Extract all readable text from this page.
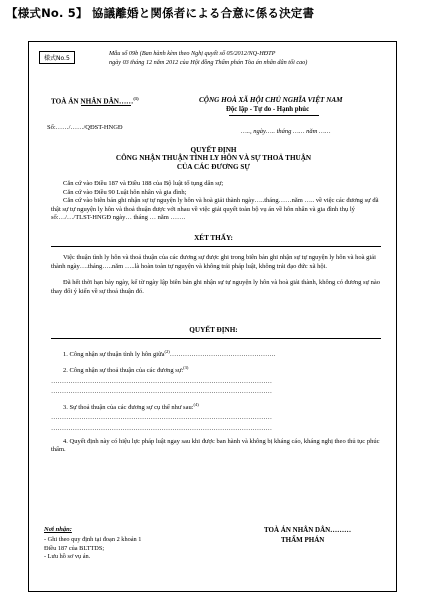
【様式No. 5】 協議離婚と関係者による合意に係る決定書
様式No.5
Mẫu số 09b (Ban hành kèm theo Nghị quyết số 05/2012/NQ-HĐTP
ngày 03 tháng 12 năm 2012 của Hội đồng Thẩm phán Tòa án nhân dân tối cao)
TOÀ ÁN NHÂN DÂN……$^{(1)}$	CỘNG HOÀ XÃ HỘI CHỦ NGHĨA VIỆT NAM
Độc lập - Tự do - Hạnh phúc
Số:……/……/QĐST-HNGĐ
….., ngày….. tháng …… năm ……
QUYẾT ĐỊNH
CÔNG NHẬN THUẬN TÌNH LY HÔN VÀ SỰ THOẢ THUẬN
CỦA CÁC ĐƯƠNG SỰ
Căn cứ vào Điều 187 và Điều 188 của Bộ luật tố tụng dân sự;
Căn cứ vào Điều 90 Luật hôn nhân và gia đình;
Căn cứ vào biên bản ghi nhận sự tự nguyện ly hôn và hoà giải thành ngày…..tháng……năm ….. về việc các đương sự đã thật sự tự nguyện ly hôn và thoả thuận được với nhau về việc giải quyết toàn bộ vụ án về hôn nhân và gia đình thụ lý số:…/…/TLST-HNGĐ ngày… tháng … năm …….
XÉT THẤY:
Việc thuận tình ly hôn và thoả thuận của các đương sự được ghi trong biên bản ghi nhận sự tự nguyện ly hôn và hoà giải thành ngày….tháng…..năm …..là hoàn toàn tự nguyện và không trái pháp luật, không trái đạo đức xã hội.
Đã hết thời hạn bảy ngày, kể từ ngày lập biên bản ghi nhận sự tự nguyện ly hôn và hoà giải thành, không có đương sự nào thay đổi ý kiến về sự thoả thuận đó.
QUYẾT ĐỊNH:
1. Công nhận sự thuận tình ly hôn giữa$^{(2)}$………………………………………….
2. Công nhận sự thoả thuận của các đương sự:$^{(3)}$
…………………………………………………………………………………………
…………………………………………………………………………………………
3. Sự thoả thuận của các đương sự cụ thể như sau:$^{(4)}$
…………………………………………………………………………………………
…………………………………………………………………………………………
4. Quyết định này có hiệu lực pháp luật ngay sau khi được ban hành và không bị kháng cáo, kháng nghị theo thủ tục phúc thẩm.
Nơi nhận:
- Ghi theo quy định tại đoạn 2 khoản 1
Điều 187 của BLTTDS;
- Lưu hồ sơ vụ án.
TOÀ ÁN NHÂN DÂN………
THẨM PHÁN
